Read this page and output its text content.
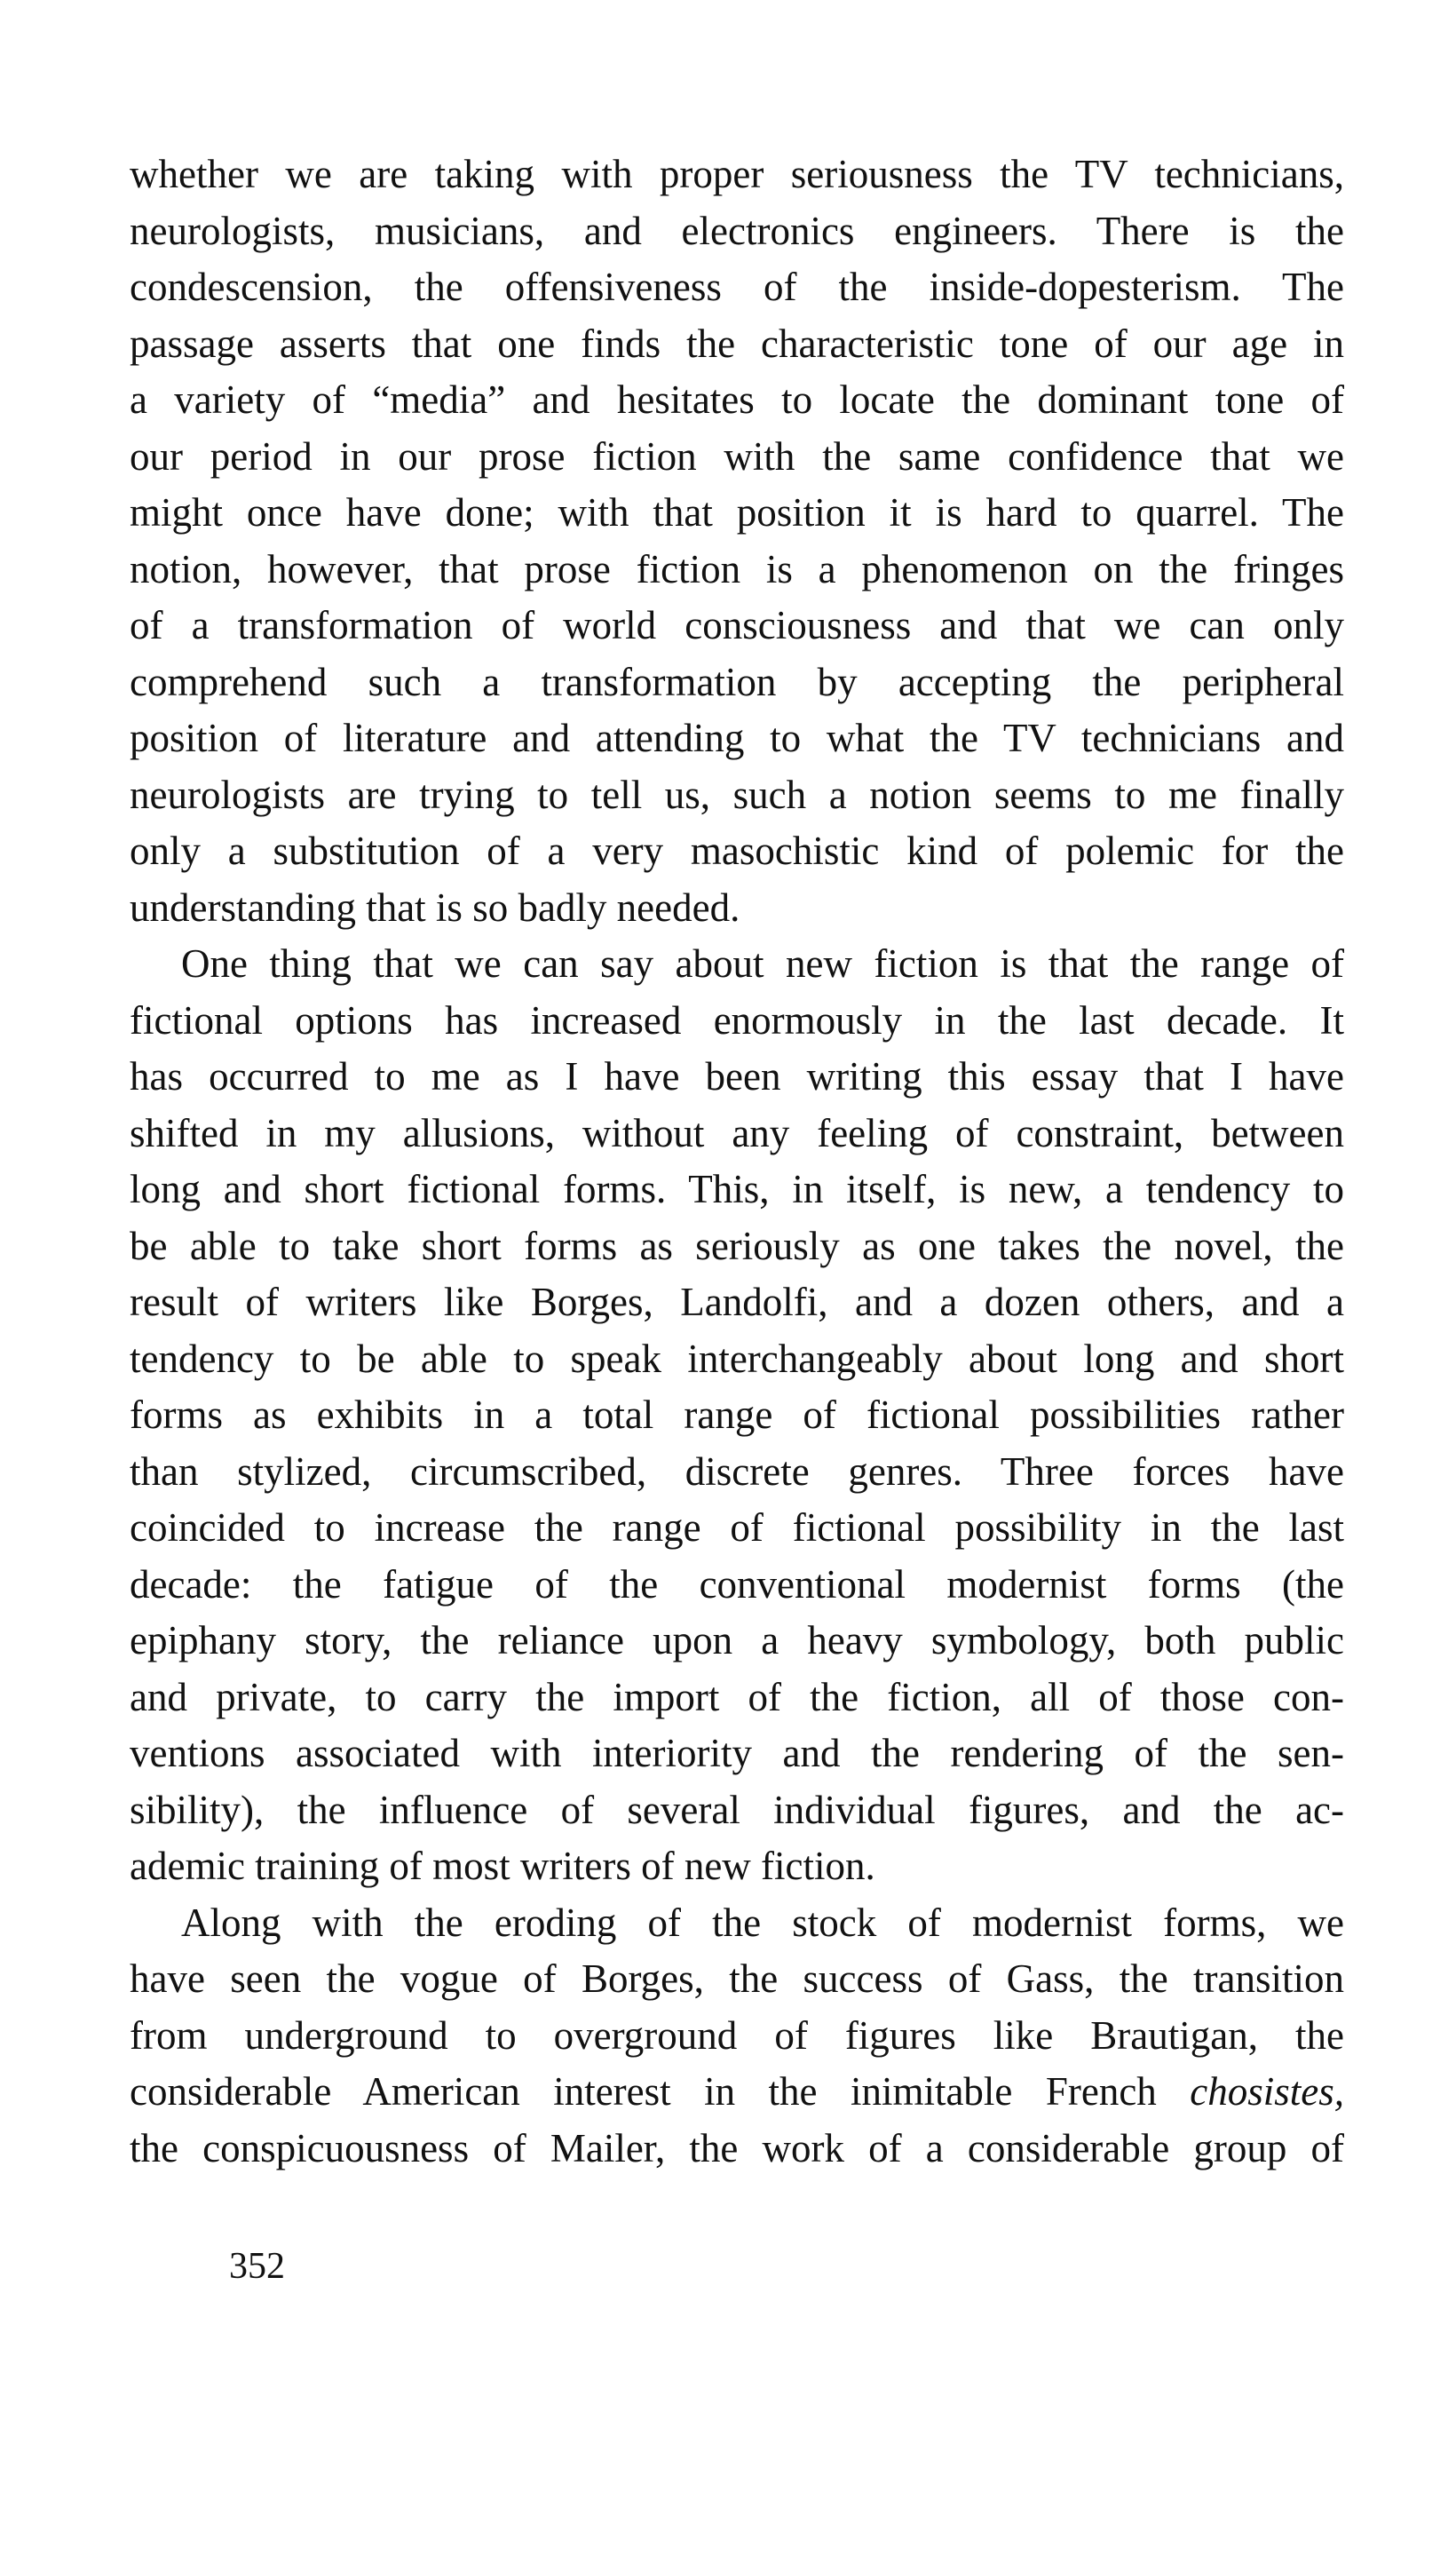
whether we are taking with proper seriousness the TV technicians,
neurologists, musicians, and electronics engineers. There is the
condescension, the offensiveness of the inside-dopesterism. The
passage asserts that one finds the characteristic tone of our age in
a variety of “media” and hesitates to locate the dominant tone of
our period in our prose fiction with the same confidence that we
might once have done; with that position it is hard to quarrel. The
notion, however, that prose fiction is a phenomenon on the fringes
of a transformation of world consciousness and that we can only
comprehend such a transformation by accepting the peripheral
position of literature and attending to what the TV technicians and
neurologists are trying to tell us, such a notion seems to me finally
only a substitution of a very masochistic kind of polemic for the
understanding that is so badly needed.
One thing that we can say about new fiction is that the range of
fictional options has increased enormously in the last decade. It
has occurred to me as I have been writing this essay that I have
shifted in my allusions, without any feeling of constraint, between
long and short fictional forms. This, in itself, is new, a tendency to
be able to take short forms as seriously as one takes the novel, the
result of writers like Borges, Landolfi, and a dozen others, and a
tendency to be able to speak interchangeably about long and short
forms as exhibits in a total range of fictional possibilities rather
than stylized, circumscribed, discrete genres. Three forces have
coincided to increase the range of fictional possibility in the last
decade: the fatigue of the conventional modernist forms (the
epiphany story, the reliance upon a heavy symbology, both public
and private, to carry the import of the fiction, all of those con-
ventions associated with interiority and the rendering of the sen-
sibility), the influence of several individual figures, and the ac-
ademic training of most writers of new fiction.
Along with the eroding of the stock of modernist forms, we
have seen the vogue of Borges, the success of Gass, the transition
from underground to overground of figures like Brautigan, the
considerable American interest in the inimitable French chosistes,
the conspicuousness of Mailer, the work of a considerable group of
352
